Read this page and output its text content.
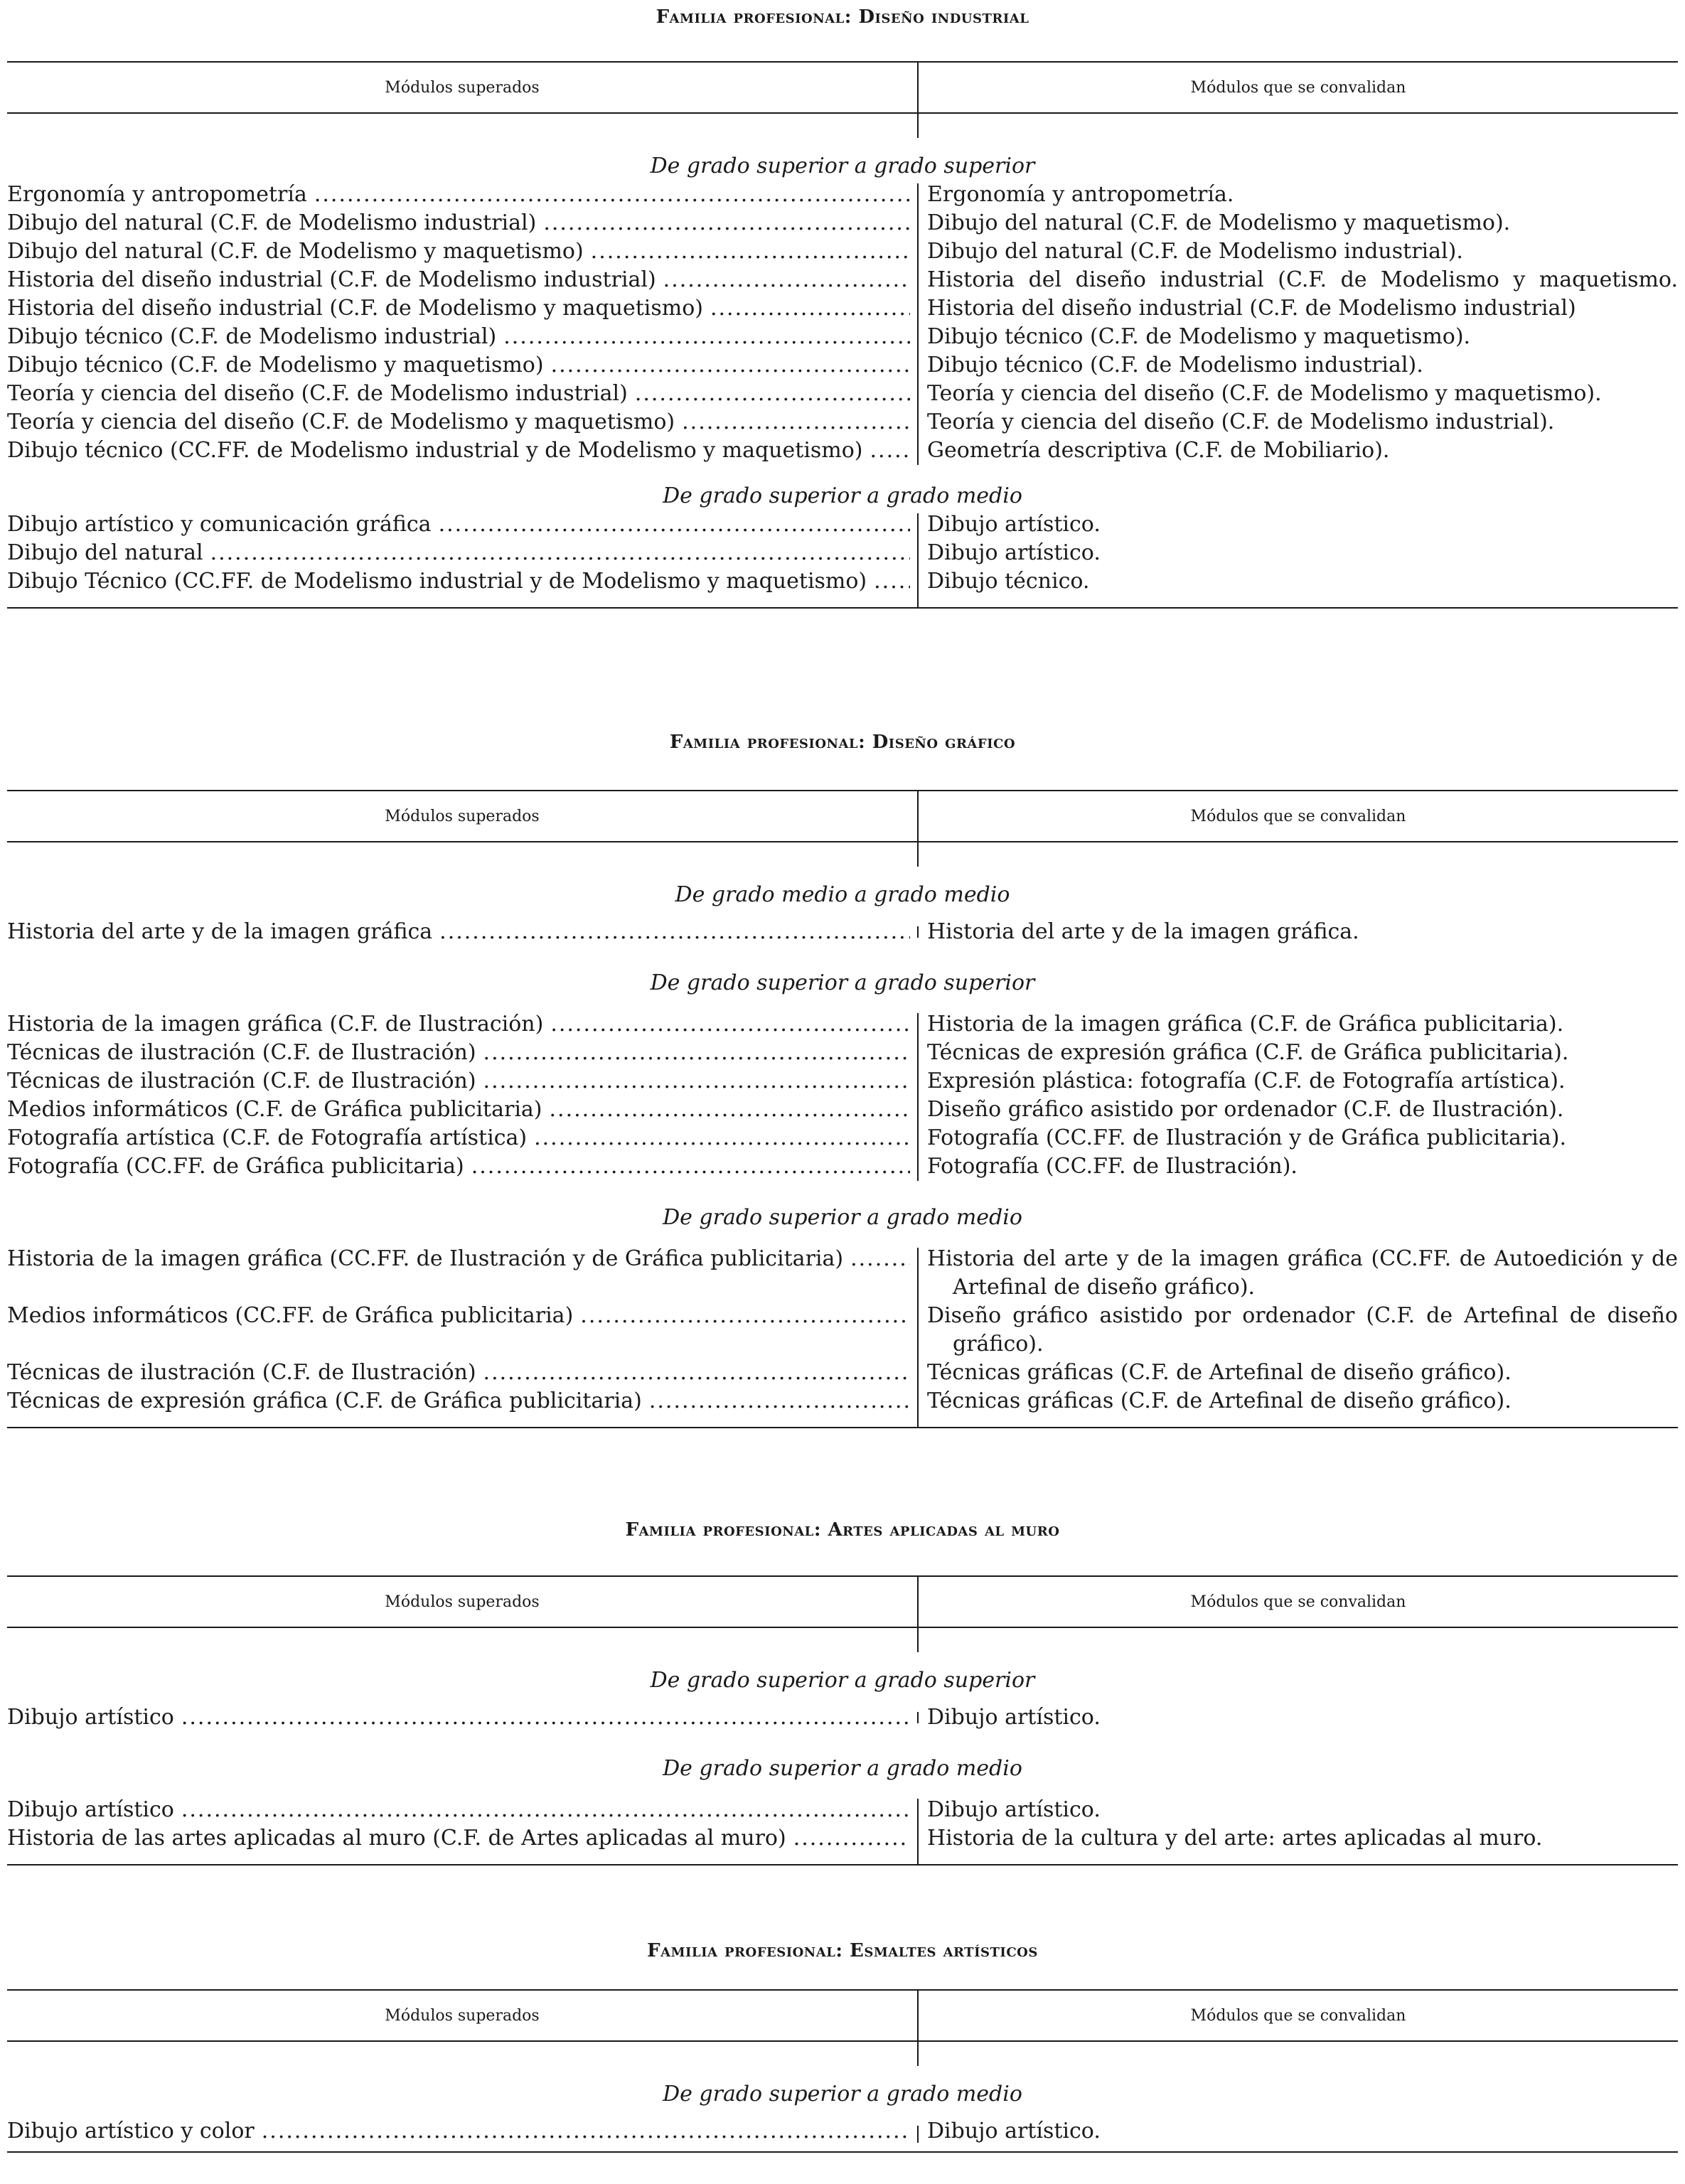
Familia profesional: Diseño industrial
Módulos superados	Módulos que se convalidan
De grado superior a grado superior
Ergonomía y antropometría .....	Ergonomía y antropometría.
Dibujo del natural (C.F. de Modelismo industrial) .....	Dibujo del natural (C.F. de Modelismo y maquetismo).
Dibujo del natural (C.F. de Modelismo y maquetismo) .....	Dibujo del natural (C.F. de Modelismo industrial).
Historia del diseño industrial (C.F. de Modelismo industrial) .....	Historia del diseño industrial (C.F. de Modelismo y maquetismo.
Historia del diseño industrial (C.F. de Modelismo y maquetismo) .....	Historia del diseño industrial (C.F. de Modelismo industrial)
Dibujo técnico (C.F. de Modelismo industrial) .....	Dibujo técnico (C.F. de Modelismo y maquetismo).
Dibujo técnico (C.F. de Modelismo y maquetismo) .....	Dibujo técnico (C.F. de Modelismo industrial).
Teoría y ciencia del diseño (C.F. de Modelismo industrial) .....	Teoría y ciencia del diseño (C.F. de Modelismo y maquetismo).
Teoría y ciencia del diseño (C.F. de Modelismo y maquetismo) .....	Teoría y ciencia del diseño (C.F. de Modelismo industrial).
Dibujo técnico (CC.FF. de Modelismo industrial y de Modelismo y maquetismo) .....	Geometría descriptiva (C.F. de Mobiliario).
De grado superior a grado medio
Dibujo artístico y comunicación gráfica .....	Dibujo artístico.
Dibujo del natural .....	Dibujo artístico.
Dibujo Técnico (CC.FF. de Modelismo industrial y de Modelismo y maquetismo) .....	Dibujo técnico.
Familia profesional: Diseño gráfico
Módulos superados	Módulos que se convalidan
De grado medio a grado medio
Historia del arte y de la imagen gráfica .....	Historia del arte y de la imagen gráfica.
De grado superior a grado superior
Historia de la imagen gráfica (C.F. de Ilustración) .....	Historia de la imagen gráfica (C.F. de Gráfica publicitaria).
Técnicas de ilustración (C.F. de Ilustración) .....	Técnicas de expresión gráfica (C.F. de Gráfica publicitaria).
Técnicas de ilustración (C.F. de Ilustración) .....	Expresión plástica: fotografía (C.F. de Fotografía artística).
Medios informáticos (C.F. de Gráfica publicitaria) .....	Diseño gráfico asistido por ordenador (C.F. de Ilustración).
Fotografía artística (C.F. de Fotografía artística) .....	Fotografía (CC.FF. de Ilustración y de Gráfica publicitaria).
Fotografía (CC.FF. de Gráfica publicitaria) .....	Fotografía (CC.FF. de Ilustración).
De grado superior a grado medio
Historia de la imagen gráfica (CC.FF. de Ilustración y de Gráfica publicitaria) .....	Historia del arte y de la imagen gráfica (CC.FF. de Autoedición y de Artefinal de diseño gráfico).
Medios informáticos (CC.FF. de Gráfica publicitaria) .....	Diseño gráfico asistido por ordenador (C.F. de Artefinal de diseño gráfico).
Técnicas de ilustración (C.F. de Ilustración) .....	Técnicas gráficas (C.F. de Artefinal de diseño gráfico).
Técnicas de expresión gráfica (C.F. de Gráfica publicitaria) .....	Técnicas gráficas (C.F. de Artefinal de diseño gráfico).
Familia profesional: Artes aplicadas al muro
Módulos superados	Módulos que se convalidan
De grado superior a grado superior
Dibujo artístico .....	Dibujo artístico.
De grado superior a grado medio
Dibujo artístico .....	Dibujo artístico.
Historia de las artes aplicadas al muro (C.F. de Artes aplicadas al muro) .....	Historia de la cultura y del arte: artes aplicadas al muro.
Familia profesional: Esmaltes artísticos
Módulos superados	Módulos que se convalidan
De grado superior a grado medio
Dibujo artístico y color .....	Dibujo artístico.
